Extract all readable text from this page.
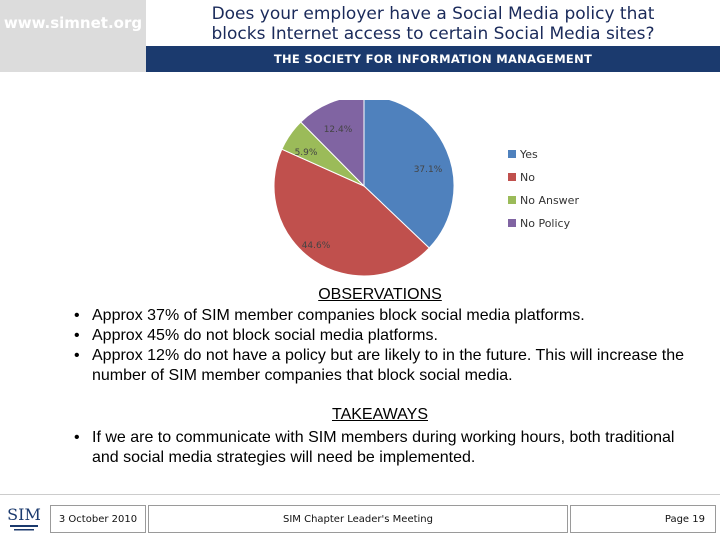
www.simnet.org	Does your employer have a Social Media policy that
blocks Internet access to certain Social Media sites?
THE SOCIETY FOR INFORMATION MANAGEMENT
37.1%
44.6%
5.9%
12.4%
Yes
No
No Answer
No Policy
OBSERVATIONS
• Approx 37% of SIM member companies block social media platforms.
• Approx 45% do not block social media platforms.
• Approx 12% do not have a policy but are likely to in the future. This will increase the number of SIM member companies that block social media.
TAKEAWAYS
• If we are to communicate with SIM members during working hours, both traditional and social media strategies will need be implemented.
SIM	3 October 2010	SIM Chapter Leader's Meeting	Page 19
